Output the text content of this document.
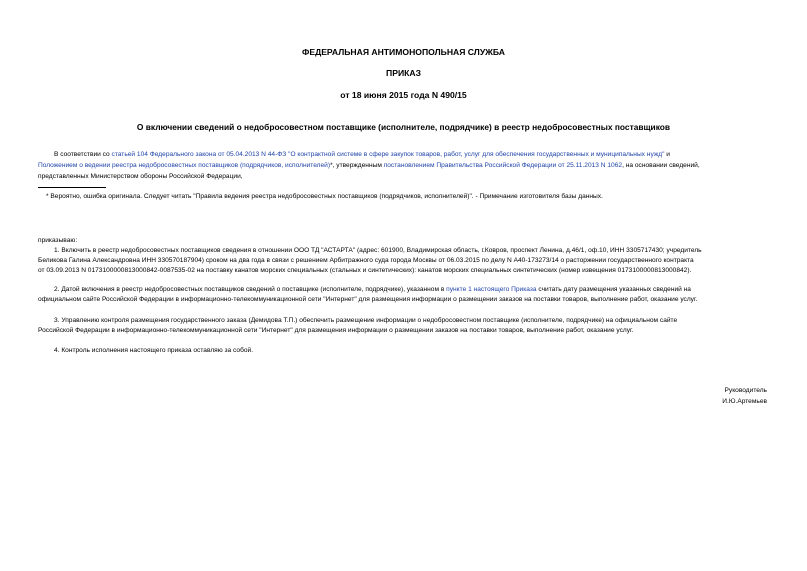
ФЕДЕРАЛЬНАЯ АНТИМОНОПОЛЬНАЯ СЛУЖБА
ПРИКАЗ
от 18 июня 2015 года N 490/15
О включении сведений о недобросовестном поставщике (исполнителе, подрядчике) в реестр недобросовестных поставщиков
В соответствии со статьей 104 Федерального закона от 05.04.2013 N 44-ФЗ "О контрактной системе в сфере закупок товаров, работ, услуг для обеспечения государственных и муниципальных нужд" и
Положением о ведении реестра недобросовестных поставщиков (подрядчиков, исполнителей)*, утвержденным постановлением Правительства Российской Федерации от 25.11.2013 N 1062, на основании сведений,
представленных Министерством обороны Российской Федерации,
* Вероятно, ошибка оригинала. Следует читать "Правила ведения реестра недобросовестных поставщиков (подрядчиков, исполнителей)". - Примечание изготовителя базы данных.
приказываю:
1. Включить в реестр недобросовестных поставщиков сведения в отношении ООО ТД "АСТАРТА" (адрес: 601900, Владимирская область, г.Ковров, проспект Ленина, д.46/1, оф.10, ИНН 3305717430; учредитель
Беликова Галина Александровна ИНН 330570187904) сроком на два года в связи с решением Арбитражного суда города Москвы от 06.03.2015 по делу N А40-173273/14 о расторжении государственного контракта
от 03.09.2013 N 0173100000813000842-0087535-02 на поставку канатов морских специальных (стальных и синтетических): канатов морских специальных синтетических (номер извещения 0173100000813000842).
2. Датой включения в реестр недобросовестных поставщиков сведений о поставщике (исполнителе, подрядчике), указанном в пункте 1 настоящего Приказа считать дату размещения указанных сведений на
официальном сайте Российской Федерации в информационно-телекоммуникационной сети "Интернет" для размещения информации о размещении заказов на поставки товаров, выполнение работ, оказание услуг.
3. Управлению контроля размещения государственного заказа (Демидова Т.П.) обеспечить размещение информации о недобросовестном поставщике (исполнителе, подрядчике) на официальном сайте
Российской Федерации в информационно-телекоммуникационной сети "Интернет" для размещения информации о размещении заказов на поставки товаров, выполнение работ, оказание услуг.
4. Контроль исполнения настоящего приказа оставляю за собой.
Руководитель
И.Ю.Артемьев
